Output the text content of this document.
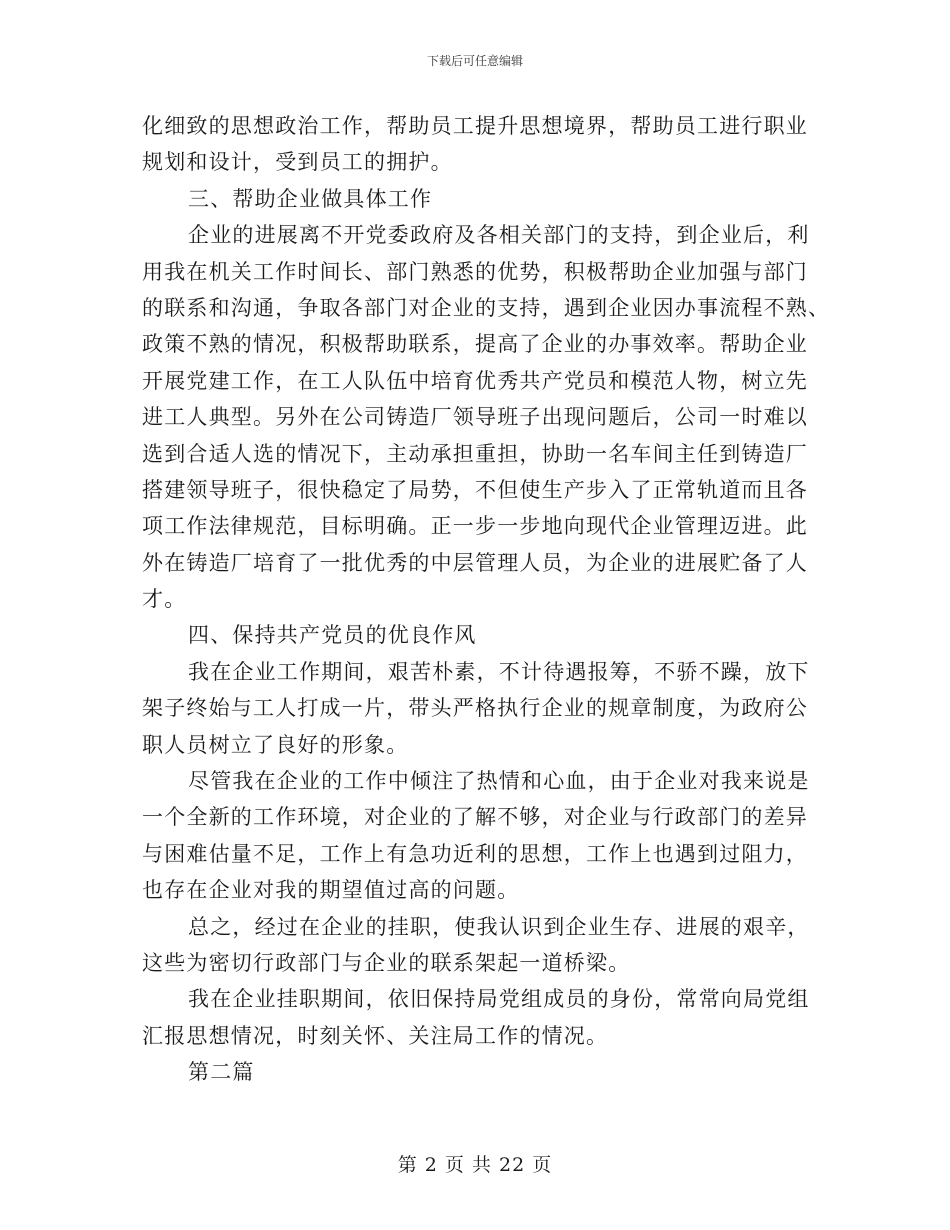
下载后可任意编辑
化细致的思想政治工作，帮助员工提升思想境界，帮助员工进行职业
规划和设计，受到员工的拥护。
三、帮助企业做具体工作
企业的进展离不开党委政府及各相关部门的支持，到企业后，利
用我在机关工作时间长、部门熟悉的优势，积极帮助企业加强与部门
的联系和沟通，争取各部门对企业的支持，遇到企业因办事流程不熟、
政策不熟的情况，积极帮助联系，提高了企业的办事效率。帮助企业
开展党建工作，在工人队伍中培育优秀共产党员和模范人物，树立先
进工人典型。另外在公司铸造厂领导班子出现问题后，公司一时难以
选到合适人选的情况下，主动承担重担，协助一名车间主任到铸造厂
搭建领导班子，很快稳定了局势，不但使生产步入了正常轨道而且各
项工作法律规范，目标明确。正一步一步地向现代企业管理迈进。此
外在铸造厂培育了一批优秀的中层管理人员，为企业的进展贮备了人
才。
四、保持共产党员的优良作风
我在企业工作期间，艰苦朴素，不计待遇报筹，不骄不躁，放下
架子终始与工人打成一片，带头严格执行企业的规章制度，为政府公
职人员树立了良好的形象。
尽管我在企业的工作中倾注了热情和心血，由于企业对我来说是
一个全新的工作环境，对企业的了解不够，对企业与行政部门的差异
与困难估量不足，工作上有急功近利的思想，工作上也遇到过阻力，
也存在企业对我的期望值过高的问题。
总之，经过在企业的挂职，使我认识到企业生存、进展的艰辛，
这些为密切行政部门与企业的联系架起一道桥梁。
我在企业挂职期间，依旧保持局党组成员的身份，常常向局党组
汇报思想情况，时刻关怀、关注局工作的情况。
第二篇
第 2 页 共 22 页
